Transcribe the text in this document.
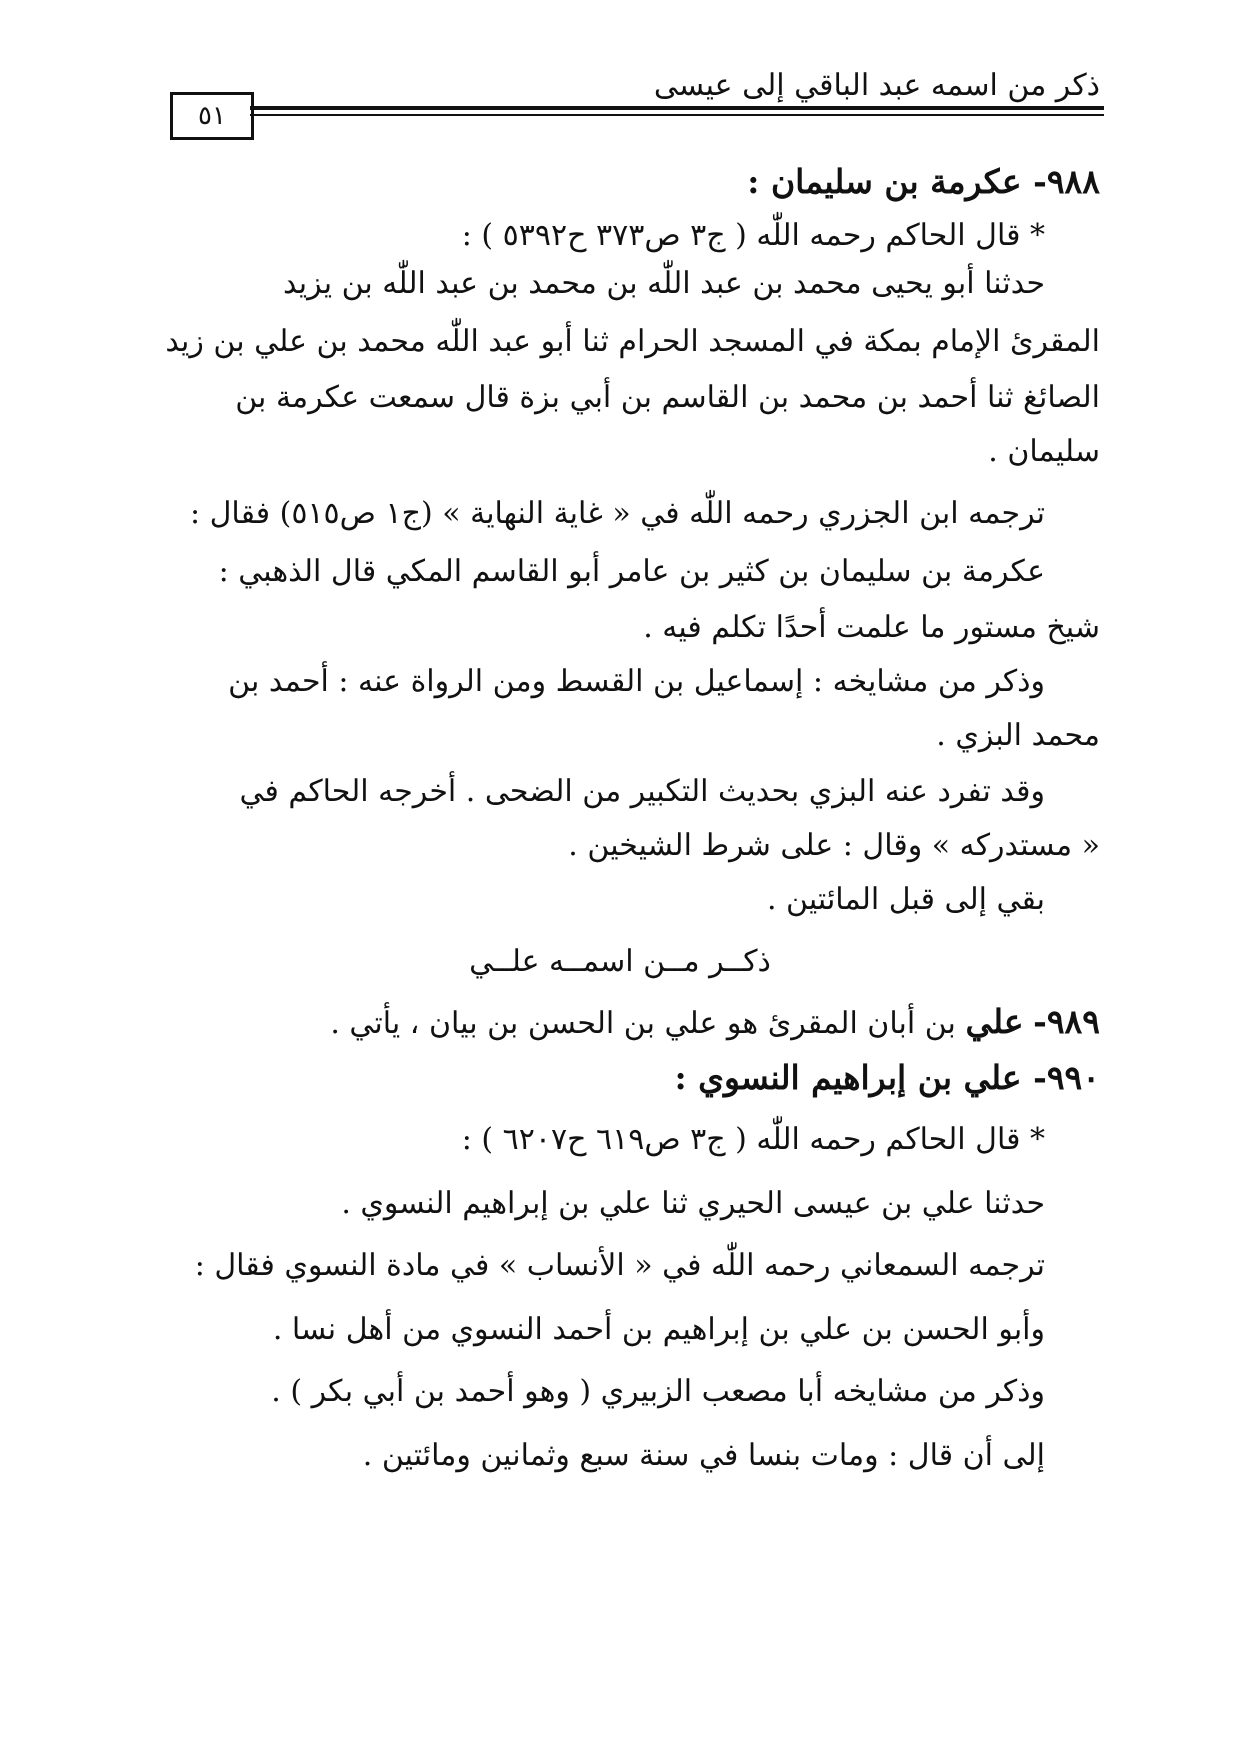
ذكر من اسمه عبد الباقي إلى عيسى
٥١
٩٨٨- عكرمة بن سليمان :
* قال الحاكم رحمه اللّٰه ( ج٣ ص٣٧٣ ح٥٣٩٢ ) :
حدثنا أبو يحيى محمد بن عبد اللّٰه بن محمد بن عبد اللّٰه بن يزيد
المقرئ الإمام بمكة في المسجد الحرام ثنا أبو عبد اللّٰه محمد بن علي بن زيد
الصائغ ثنا أحمد بن محمد بن القاسم بن أبي بزة قال سمعت عكرمة بن
سليمان .
ترجمه ابن الجزري رحمه اللّٰه في « غاية النهاية » (ج١ ص٥١٥) فقال :
عكرمة بن سليمان بن كثير بن عامر أبو القاسم المكي قال الذهبي :
شيخ مستور ما علمت أحدًا تكلم فيه .
وذكر من مشايخه : إسماعيل بن القسط ومن الرواة عنه : أحمد بن
محمد البزي .
وقد تفرد عنه البزي بحديث التكبير من الضحى . أخرجه الحاكم في
« مستدركه » وقال : على شرط الشيخين .
بقي إلى قبل المائتين .
ذكــر مــن اسمــه علــي
٩٨٩- علي بن أبان المقرئ هو علي بن الحسن بن بيان ، يأتي .
٩٩٠- علي بن إبراهيم النسوي :
* قال الحاكم رحمه اللّٰه ( ج٣ ص٦١٩ ح٦٢٠٧ ) :
حدثنا علي بن عيسى الحيري ثنا علي بن إبراهيم النسوي .
ترجمه السمعاني رحمه اللّٰه في « الأنساب » في مادة النسوي فقال :
وأبو الحسن بن علي بن إبراهيم بن أحمد النسوي من أهل نسا .
وذكر من مشايخه أبا مصعب الزبيري ( وهو أحمد بن أبي بكر ) .
إلى أن قال : ومات بنسا في سنة سبع وثمانين ومائتين .
